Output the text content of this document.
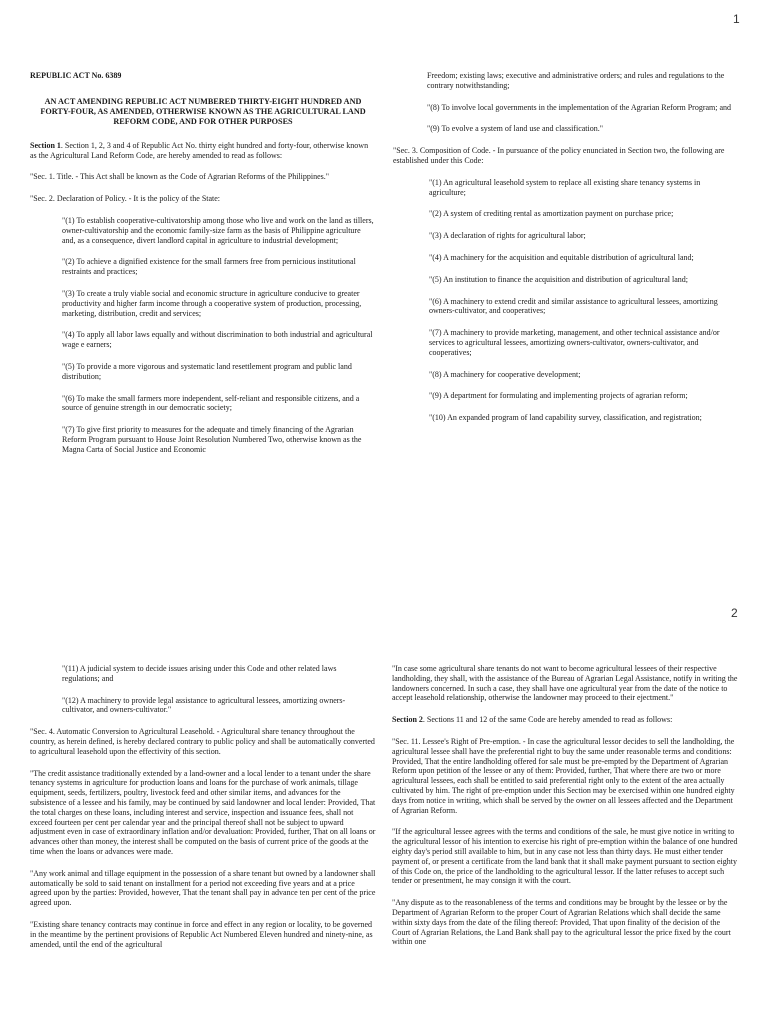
1

REPUBLIC ACT No. 6389

AN ACT AMENDING REPUBLIC ACT NUMBERED THIRTY-EIGHT HUNDRED AND FORTY-FOUR, AS AMENDED, OTHERWISE KNOWN AS THE AGRICULTURAL LAND REFORM CODE, AND FOR OTHER PURPOSES

Section 1. Section 1, 2, 3 and 4 of Republic Act No. thirty eight hundred and forty-four, otherwise known as the Agricultural Land Reform Code, are hereby amended to read as follows:

"Sec. 1. Title. - This Act shall be known as the Code of Agrarian Reforms of the Philippines."

"Sec. 2. Declaration of Policy. - It is the policy of the State:

"(1) To establish cooperative-cultivatorship among those who live and work on the land as tillers, owner-cultivatorship and the economic family-size farm as the basis of Philippine agriculture and, as a consequence, divert landlord capital in agriculture to industrial development;

"(2) To achieve a dignified existence for the small farmers free from pernicious institutional restraints and practices;

"(3) To create a truly viable social and economic structure in agriculture conducive to greater productivity and higher farm income through a cooperative system of production, processing, marketing, distribution, credit and services;

"(4) To apply all labor laws equally and without discrimination to both industrial and agricultural wage e earners;

"(5) To provide a more vigorous and systematic land resettlement program and public land distribution;

"(6) To make the small farmers more independent, self-reliant and responsible citizens, and a source of genuine strength in our democratic society;

"(7) To give first priority to measures for the adequate and timely financing of the Agrarian Reform Program pursuant to House Joint Resolution Numbered Two, otherwise known as the Magna Carta of Social Justice and Economic

Freedom; existing laws; executive and administrative orders; and rules and regulations to the contrary notwithstanding;

"(8) To involve local governments in the implementation of the Agrarian Reform Program; and

"(9) To evolve a system of land use and classification."

"Sec. 3. Composition of Code. - In pursuance of the policy enunciated in Section two, the following are established under this Code:

"(1) An agricultural leasehold system to replace all existing share tenancy systems in agriculture;

"(2) A system of crediting rental as amortization payment on purchase price;

"(3) A declaration of rights for agricultural labor;

"(4) A machinery for the acquisition and equitable distribution of agricultural land;

"(5) An institution to finance the acquisition and distribution of agricultural land;

"(6) A machinery to extend credit and similar assistance to agricultural lessees, amortizing owners-cultivator, and cooperatives;

"(7) A machinery to provide marketing, management, and other technical assistance and/or services to agricultural lessees, amortizing owners-cultivator, owners-cultivator, and cooperatives;

"(8) A machinery for cooperative development;

"(9) A department for formulating and implementing projects of agrarian reform;

"(10) An expanded program of land capability survey, classification, and registration;

2

"(11) A judicial system to decide issues arising under this Code and other related laws regulations; and

"(12) A machinery to provide legal assistance to agricultural lessees, amortizing owners-cultivator, and owners-cultivator."

"Sec. 4. Automatic Conversion to Agricultural Leasehold. - Agricultural share tenancy throughout the country, as herein defined, is hereby declared contrary to public policy and shall be automatically converted to agricultural leasehold upon the effectivity of this section.

"The credit assistance traditionally extended by a land-owner and a local lender to a tenant under the share tenancy systems in agriculture for production loans and loans for the purchase of work animals, tillage equipment, seeds, fertilizers, poultry, livestock feed and other similar items, and advances for the subsistence of a lessee and his family, may be continued by said landowner and local lender: Provided, That the total charges on these loans, including interest and service, inspection and issuance fees, shall not exceed fourteen per cent per calendar year and the principal thereof shall not be subject to upward adjustment even in case of extraordinary inflation and/or devaluation: Provided, further, That on all loans or advances other than money, the interest shall be computed on the basis of current price of the goods at the time when the loans or advances were made.

"Any work animal and tillage equipment in the possession of a share tenant but owned by a landowner shall automatically be sold to said tenant on installment for a period not exceeding five years and at a price agreed upon by the parties: Provided, however, That the tenant shall pay in advance ten per cent of the price agreed upon.

"Existing share tenancy contracts may continue in force and effect in any region or locality, to be governed in the meantime by the pertinent provisions of Republic Act Numbered Eleven hundred and ninety-nine, as amended, until the end of the agricultural

"In case some agricultural share tenants do not want to become agricultural lessees of their respective landholding, they shall, with the assistance of the Bureau of Agrarian Legal Assistance, notify in writing the landowners concerned. In such a case, they shall have one agricultural year from the date of the notice to accept leasehold relationship, otherwise the landowner may proceed to their ejectment."

Section 2. Sections 11 and 12 of the same Code are hereby amended to read as follows:

"Sec. 11. Lessee's Right of Pre-emption. - In case the agricultural lessor decides to sell the landholding, the agricultural lessee shall have the preferential right to buy the same under reasonable terms and conditions: Provided, That the entire landholding offered for sale must be pre-empted by the Department of Agrarian Reform upon petition of the lessee or any of them: Provided, further, That where there are two or more agricultural lessees, each shall be entitled to said preferential right only to the extent of the area actually cultivated by him. The right of pre-emption under this Section may be exercised within one hundred eighty days from notice in writing, which shall be served by the owner on all lessees affected and the Department of Agrarian Reform.

"If the agricultural lessee agrees with the terms and conditions of the sale, he must give notice in writing to the agricultural lessor of his intention to exercise his right of pre-emption within the balance of one hundred eighty day's period still available to him, but in any case not less than thirty days. He must either tender payment of, or present a certificate from the land bank that it shall make payment pursuant to section eighty of this Code on, the price of the landholding to the agricultural lessor. If the latter refuses to accept such tender or presentment, he may consign it with the court.

"Any dispute as to the reasonableness of the terms and conditions may be brought by the lessee or by the Department of Agrarian Reform to the proper Court of Agrarian Relations which shall decide the same within sixty days from the date of the filing thereof: Provided, That upon finality of the decision of the Court of Agrarian Relations, the Land Bank shall pay to the agricultural lessor the price fixed by the court within one
